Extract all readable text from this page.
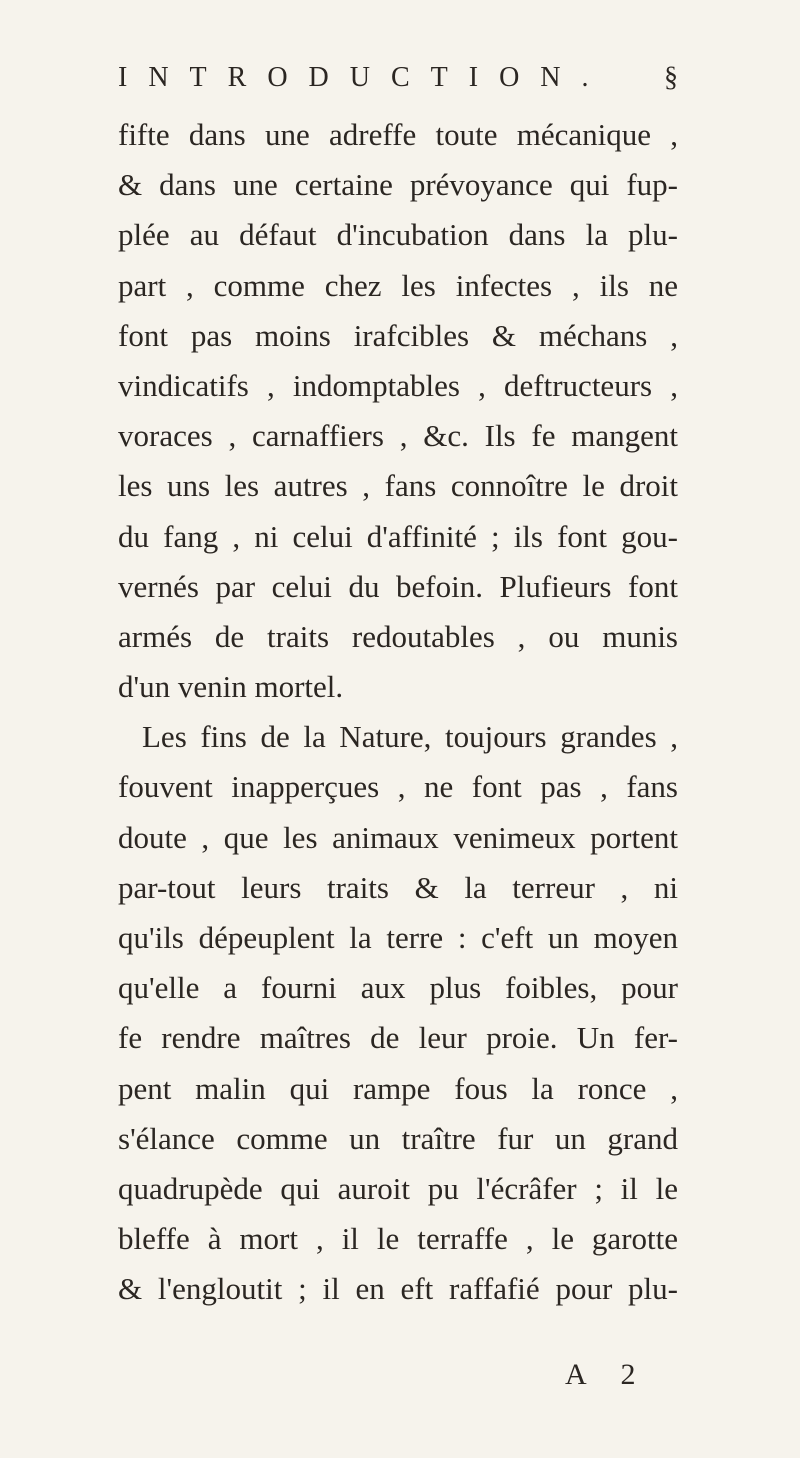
INTRODUCTION.	§
fifte dans une adreffe toute mécanique ,
& dans une certaine prévoyance qui fup-
plée au défaut d'incubation dans la plu-
part , comme chez les infectes , ils ne
font pas moins irafcibles & méchans ,
vindicatifs , indomptables , deftructeurs ,
voraces , carnaffiers , &c. Ils fe mangent
les uns les autres , fans connoître le droit
du fang , ni celui d'affinité ; ils font gou-
vernés par celui du befoin. Plufieurs font
armés de traits redoutables , ou munis
d'un venin mortel.
Les fins de la Nature, toujours grandes ,
fouvent inapperçues , ne font pas , fans
doute , que les animaux venimeux portent
par-tout leurs traits & la terreur , ni
qu'ils dépeuplent la terre : c'eft un moyen
qu'elle a fourni aux plus foibles, pour
fe rendre maîtres de leur proie. Un fer-
pent malin qui rampe fous la ronce ,
s'élance comme un traître fur un grand
quadrupède qui auroit pu l'écrâfer ; il le
bleffe à mort , il le terraffe , le garotte
& l'engloutit ; il en eft raffafié pour plu-
A 2
